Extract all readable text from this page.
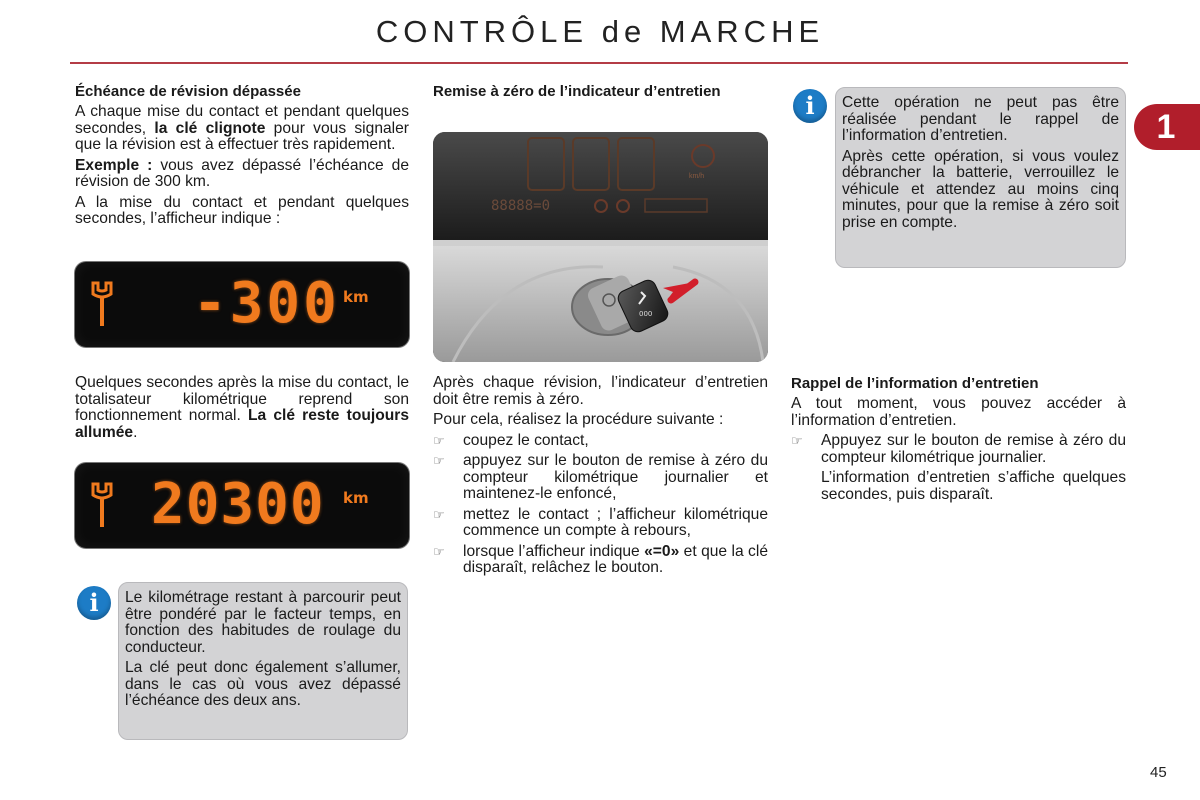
CONTRÔLE de MARCHE
1
Échéance de révision dépassée

A chaque mise du contact et pendant quelques secondes, la clé clignote pour vous signaler que la révision est à effectuer très rapidement.

Exemple : vous avez dépassé l’échéance de révision de 300 km.

A la mise du contact et pendant quelques secondes, l’afficheur indique :

-300 km

Quelques secondes après la mise du contact, le totalisateur kilométrique reprend son fonctionnement normal. La clé reste toujours allumée.

20300 km
i	Le kilométrage restant à parcourir peut être pondéré par le facteur temps, en fonction des habitudes de roulage du conducteur.

La clé peut donc également s’allumer, dans le cas où vous avez dépassé l’échéance des deux ans.

Remise à zéro de l’indicateur d’entretien
km/h
88888=0
000

Après chaque révision, l’indicateur d’entretien doit être remis à zéro.

Pour cela, réalisez la procédure suivante :

☞ coupez le contact,
☞ appuyez sur le bouton de remise à zéro du compteur kilométrique journalier et maintenez-le enfoncé,
☞ mettez le contact ; l’afficheur kilométrique commence un compte à rebours,
☞ lorsque l’afficheur indique «=0» et que la clé disparaît, relâchez le bouton.
i	Cette opération ne peut pas être réalisée pendant le rappel de l’information d’entretien.

Après cette opération, si vous voulez débrancher la batterie, verrouillez le véhicule et attendez au moins cinq minutes, pour que la remise à zéro soit prise en compte.

Rappel de l’information d’entretien

A tout moment, vous pouvez accéder à l’information d’entretien.

☞ Appuyez sur le bouton de remise à zéro du compteur kilométrique journalier.

L’information d’entretien s’affiche quelques secondes, puis disparaît.

45
